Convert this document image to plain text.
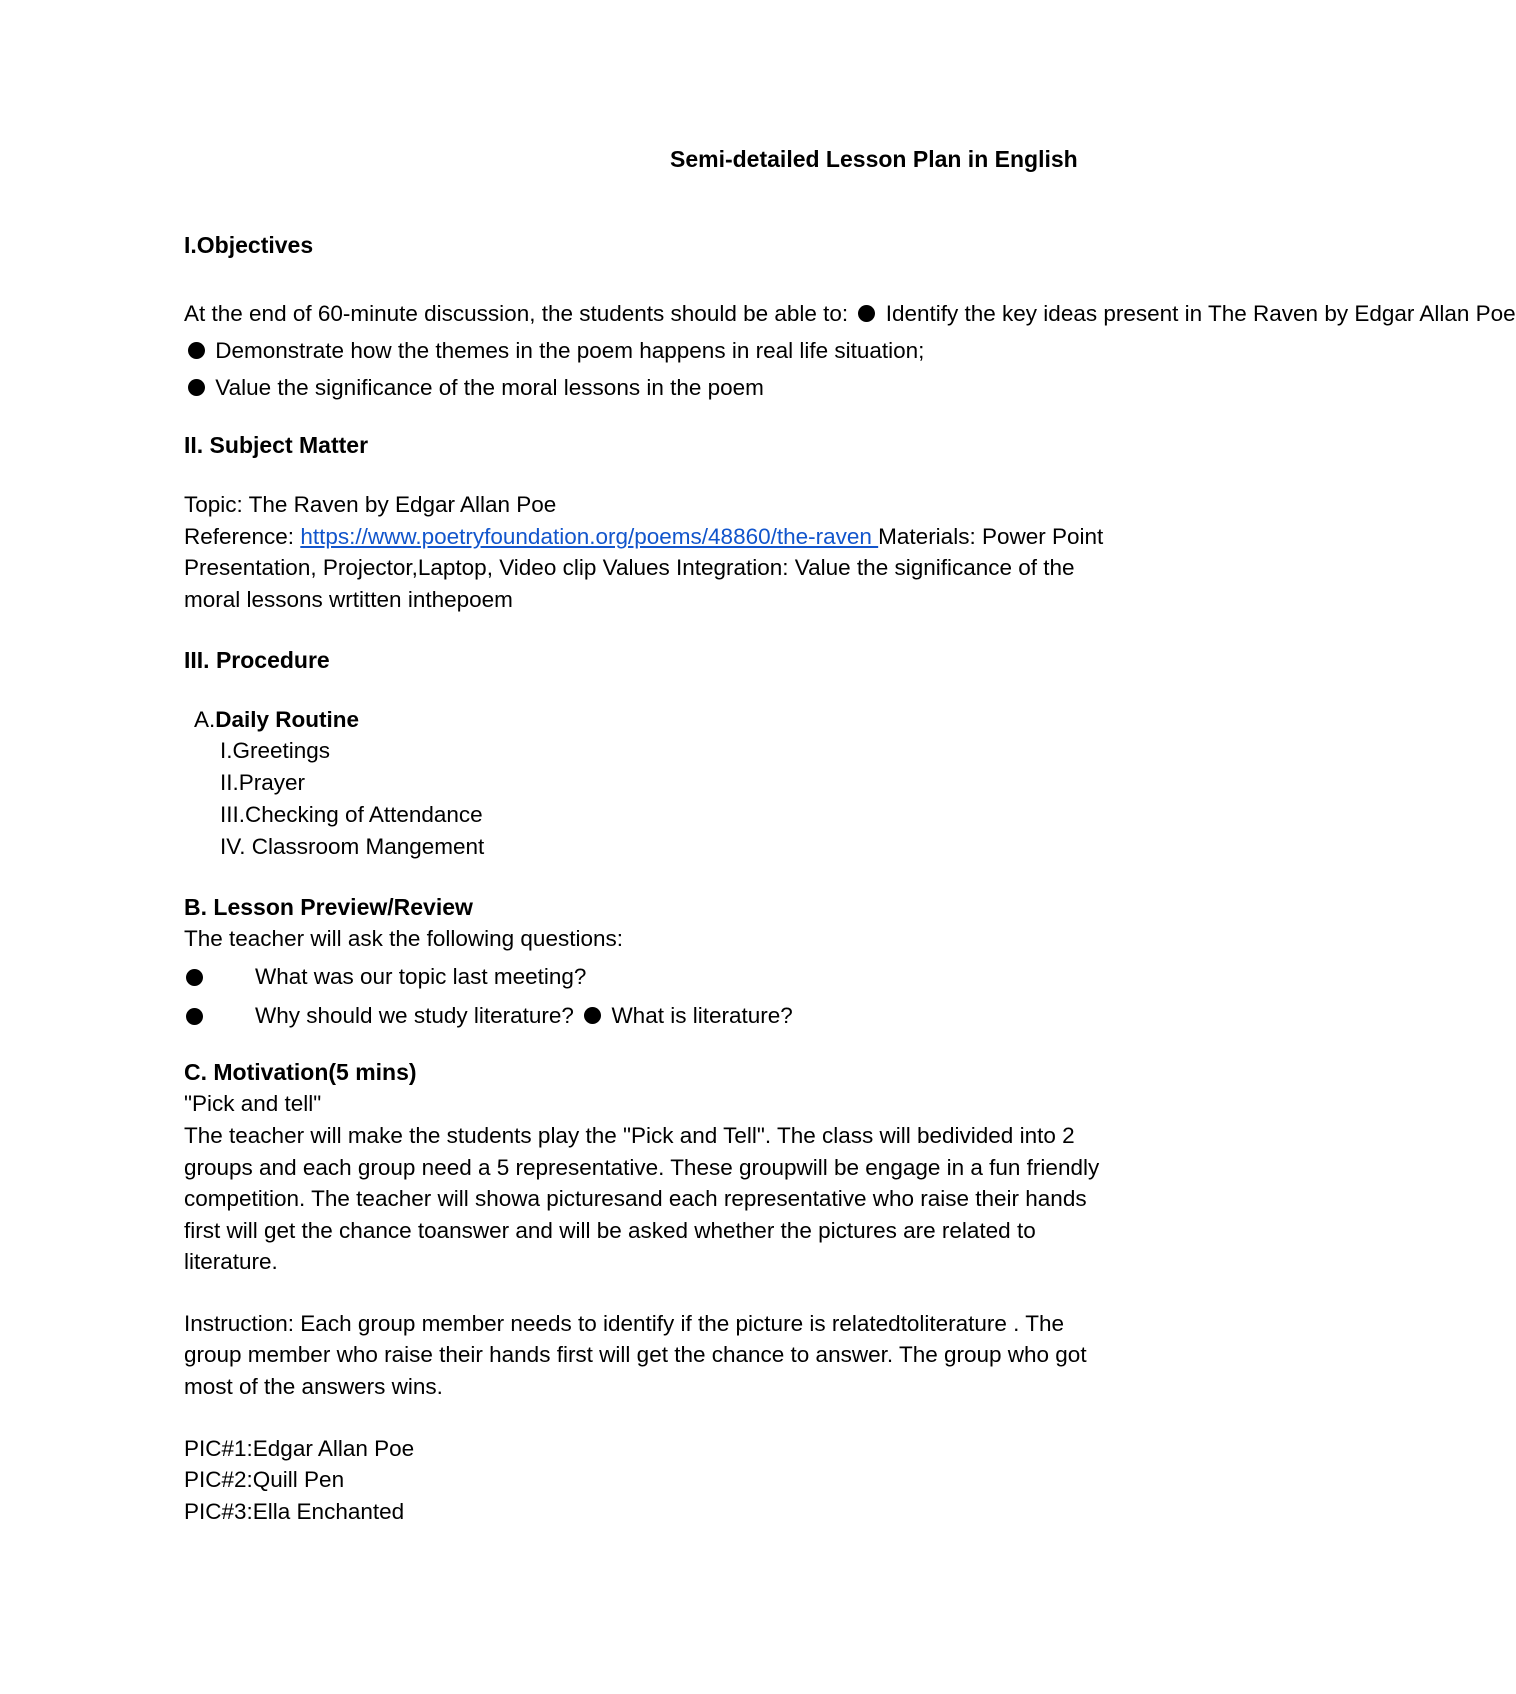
Semi-detailed Lesson Plan in English
I.Objectives
At the end of 60-minute discussion, the students should be able to: Identify the key ideas present in The Raven by Edgar Allan Poe
Demonstrate how the themes in the poem happens in real life situation;
Value the significance of the moral lessons in the poem
II. Subject Matter
Topic: The Raven by Edgar Allan Poe
Reference: https://www.poetryfoundation.org/poems/48860/the-raven Materials: Power Point
Presentation, Projector,Laptop, Video clip Values Integration: Value the significance of the
moral lessons wrtitten inthepoem
III. Procedure
A.Daily Routine
I.Greetings
II.Prayer
III.Checking of Attendance
IV. Classroom Mangement
B. Lesson Preview/Review
The teacher will ask the following questions:
What was our topic last meeting?
Why should we study literature? What is literature?
C. Motivation(5 mins)
"Pick and tell"
The teacher will make the students play the "Pick and Tell". The class will bedivided into 2
groups and each group need a 5 representative. These groupwill be engage in a fun friendly
competition. The teacher will showa picturesand each representative who raise their hands
first will get the chance toanswer and will be asked whether the pictures are related to
literature.
Instruction: Each group member needs to identify if the picture is relatedtoliterature . The
group member who raise their hands first will get the chance to answer. The group who got
most of the answers wins.
PIC#1:Edgar Allan Poe
PIC#2:Quill Pen
PIC#3:Ella Enchanted
